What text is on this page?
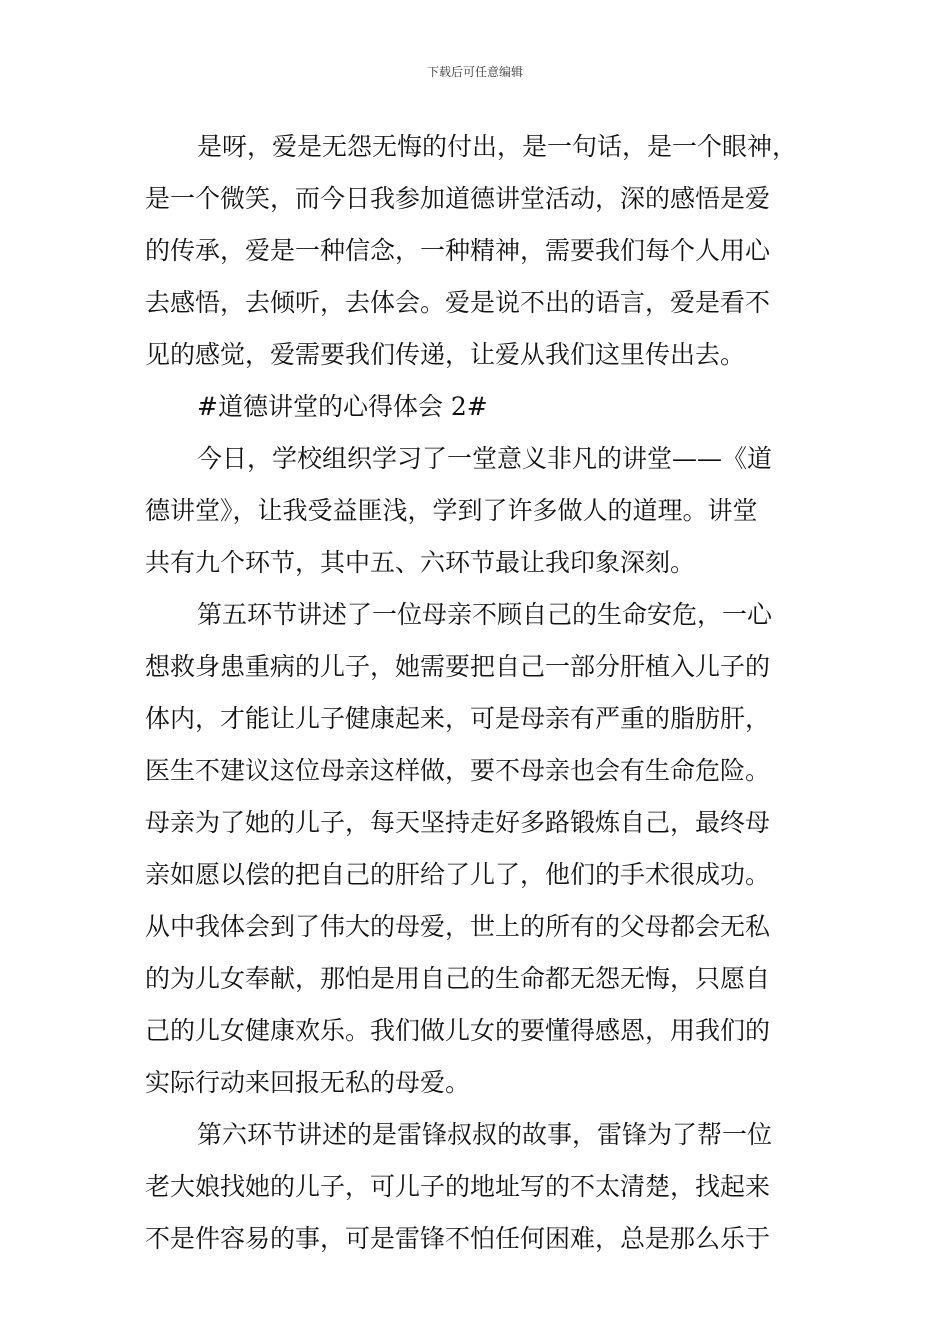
下载后可任意编辑
是呀，爱是无怨无悔的付出，是一句话，是一个眼神，
是一个微笑，而今日我参加道德讲堂活动，深的感悟是爱
的传承，爱是一种信念，一种精神，需要我们每个人用心
去感悟，去倾听，去体会。爱是说不出的语言，爱是看不
见的感觉，爱需要我们传递，让爱从我们这里传出去。
#道德讲堂的心得体会 2#
今日，学校组织学习了一堂意义非凡的讲堂——《道
德讲堂》，让我受益匪浅，学到了许多做人的道理。讲堂
共有九个环节，其中五、六环节最让我印象深刻。
第五环节讲述了一位母亲不顾自己的生命安危，一心
想救身患重病的儿子，她需要把自己一部分肝植入儿子的
体内，才能让儿子健康起来，可是母亲有严重的脂肪肝，
医生不建议这位母亲这样做，要不母亲也会有生命危险。
母亲为了她的儿子，每天坚持走好多路锻炼自己，最终母
亲如愿以偿的把自己的肝给了儿了，他们的手术很成功。
从中我体会到了伟大的母爱，世上的所有的父母都会无私
的为儿女奉献，那怕是用自己的生命都无怨无悔，只愿自
己的儿女健康欢乐。我们做儿女的要懂得感恩，用我们的
实际行动来回报无私的母爱。
第六环节讲述的是雷锋叔叔的故事，雷锋为了帮一位
老大娘找她的儿子，可儿子的地址写的不太清楚，找起来
不是件容易的事，可是雷锋不怕任何困难，总是那么乐于
